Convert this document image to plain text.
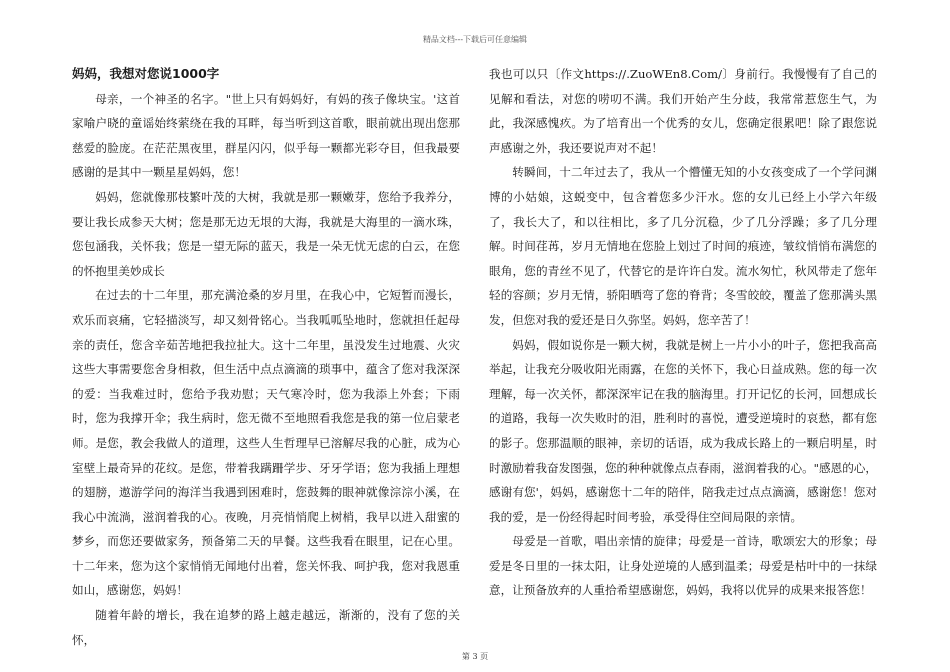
精品文档---下载后可任意编辑
妈妈，我想对您说1000字

母亲，一个神圣的名字。"世上只有妈妈好，有妈的孩子像块宝。'这首家喻户晓的童谣始终萦绕在我的耳畔，每当听到这首歌，眼前就出现出您那慈爱的脸庞。在茫茫黑夜里，群星闪闪，似乎每一颗都光彩夺目，但我最要感谢的是其中一颗星星妈妈，您！

妈妈，您就像那枝繁叶茂的大树，我就是那一颗嫩芽，您给予我养分，要让我长成参天大树；您是那无边无垠的大海，我就是大海里的一滴水珠，您包涵我，关怀我；您是一望无际的蓝天，我是一朵无忧无虑的白云，在您的怀抱里美妙成长

在过去的十二年里，那充满沧桑的岁月里，在我心中，它短暂而漫长，欢乐而哀痛，它轻描淡写，却又刻骨铭心。当我呱呱坠地时，您就担任起母亲的责任，您含辛茹苦地把我拉扯大。这十二年里，虽没发生过地震、火灾这些大事需要您舍身相救，但生活中点点滴滴的琐事中，蕴含了您对我深深的爱：当我难过时，您给予我劝慰；天气寒冷时，您为我添上外套；下雨时，您为我撑开伞；我生病时，您无微不至地照看我您是我的第一位启蒙老师。是您，教会我做人的道理，这些人生哲理早已溶解尽我的心脏，成为心室壁上最奇异的花纹。是您，带着我蹒跚学步、牙牙学语；您为我插上理想的翅膀，遨游学问的海洋当我遇到困难时，您鼓舞的眼神就像淙淙小溪，在我心中流淌，滋润着我的心。夜晚，月亮悄悄爬上树梢，我早以进入甜蜜的梦乡，而您还要做家务，预备第二天的早餐。这些我看在眼里，记在心里。十二年来，您为这个家悄悄无闻地付出着，您关怀我、呵护我，您对我恩重如山，感谢您，妈妈！

随着年龄的增长，我在追梦的路上越走越远，渐渐的，没有了您的关怀，

我也可以只〔作文https://.ZuoWEn8.Com/〕身前行。我慢慢有了自己的见解和看法，对您的唠叨不满。我们开始产生分歧，我常常惹您生气，为此，我深感愧疚。为了培育出一个优秀的女儿，您确定很累吧！除了跟您说声感谢之外，我还要说声对不起！

转瞬间，十二年过去了，我从一个懵懂无知的小女孩变成了一个学问渊博的小姑娘，这蜕变中，包含着您多少汗水。您的女儿已经上小学六年级了，我长大了，和以往相比，多了几分沉稳，少了几分浮躁；多了几分理解。时间荏苒，岁月无情地在您脸上划过了时间的痕迹，皱纹悄悄布满您的眼角，您的青丝不见了，代替它的是许许白发。流水匆忙，秋风带走了您年轻的容颜；岁月无情，骄阳晒弯了您的脊背；冬雪皎皎，覆盖了您那满头黑发，但您对我的爱还是日久弥坚。妈妈，您辛苦了！

妈妈，假如说你是一颗大树，我就是树上一片小小的叶子，您把我高高举起，让我充分吸收阳光雨露，在您的关怀下，我心日益成熟。您的每一次理解，每一次关怀，都深深牢记在我的脑海里。打开记忆的长河，回想成长的道路，我每一次失败时的泪，胜利时的喜悦，遭受逆境时的哀愁，都有您的影子。您那温顺的眼神，亲切的话语，成为我成长路上的一颗启明星，时时激励着我奋发图强，您的种种就像点点春雨，滋润着我的心。"感恩的心，感谢有您'，妈妈，感谢您十二年的陪伴，陪我走过点点滴滴，感谢您！您对我的爱，是一份经得起时间考验，承受得住空间局限的亲情。

母爱是一首歌，唱出亲情的旋律；母爱是一首诗，歌颂宏大的形象；母爱是冬日里的一抹太阳，让身处逆境的人感到温柔；母爱是枯叶中的一抹绿意，让预备放弃的人重拾希望感谢您，妈妈，我将以优异的成果来报答您！

第 3 页
